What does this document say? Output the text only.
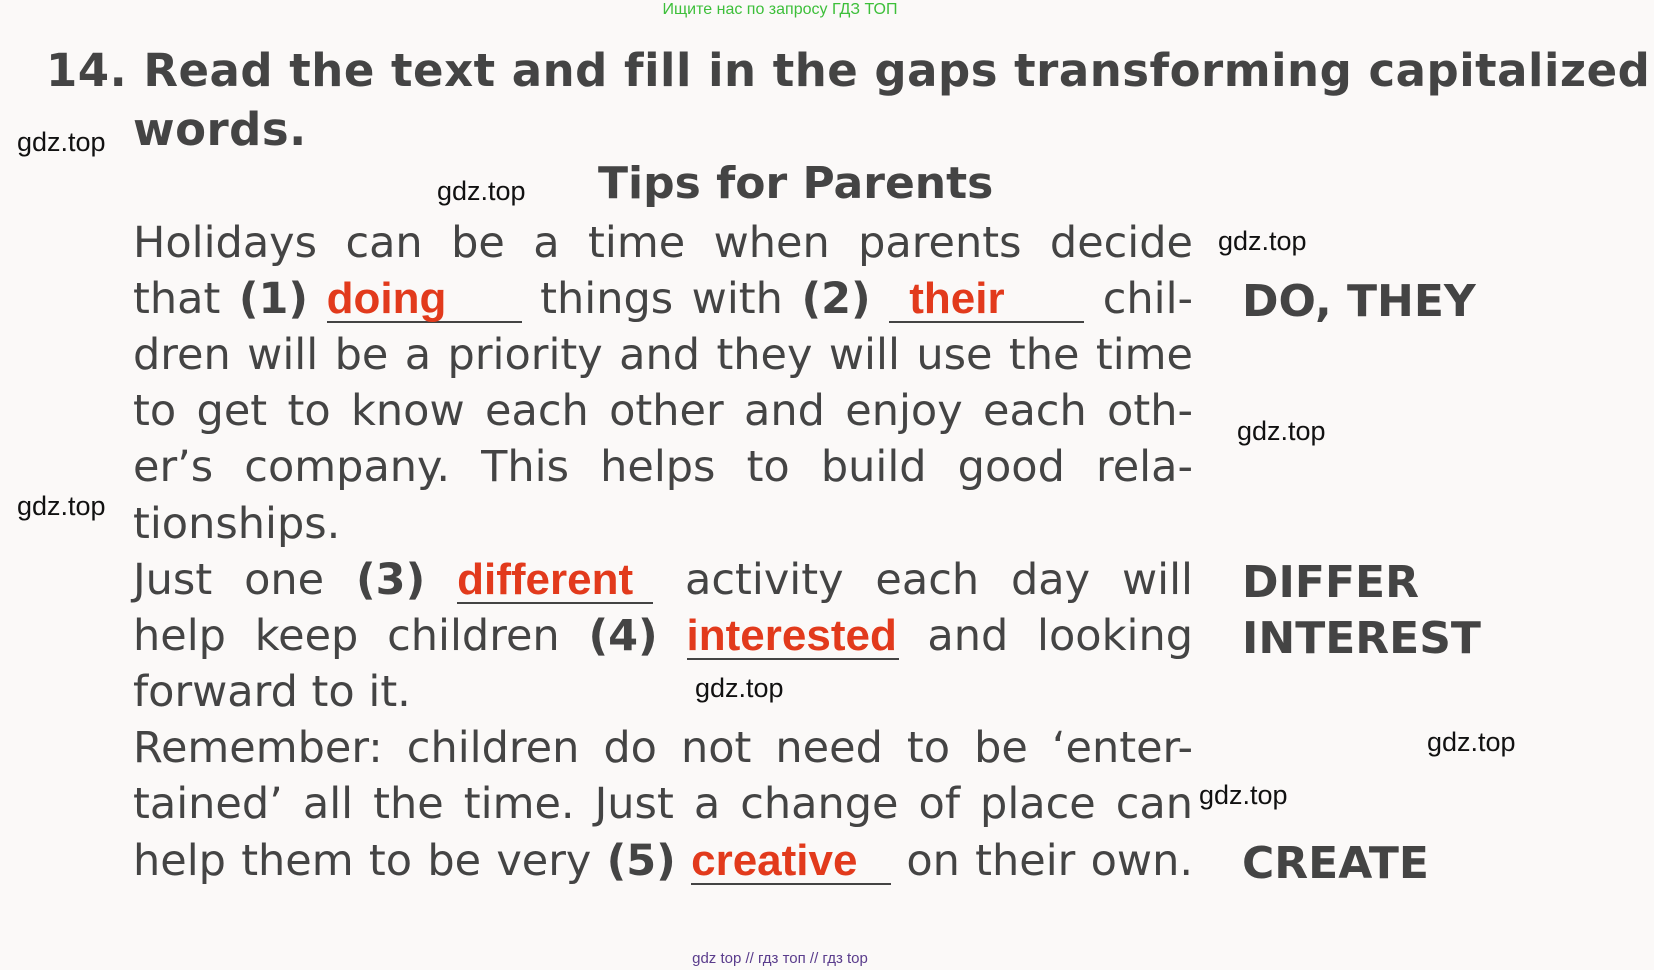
Ищите нас по запросу ГДЗ ТОП
14. Read the text and fill in the gaps transforming capitalized
words.
Tips for Parents
Holidays can be a time when parents decide
that (1) doing things with (2) their chil-
dren will be a priority and they will use the time
to get to know each other and enjoy each oth-
er’s company. This helps to build good rela-
tionships.
Just one (3) different activity each day will
help keep children (4) interested and looking
forward to it.
Remember: children do not need to be ‘enter-
tained’ all the time. Just a change of place can
help them to be very (5) creative on their own.
DO, THEY
DIFFER
INTEREST
CREATE
gdz.top
gdz.top
gdz.top
gdz.top
gdz.top
gdz.top
gdz.top
gdz.top
gdz top // гдз топ // гдз top
